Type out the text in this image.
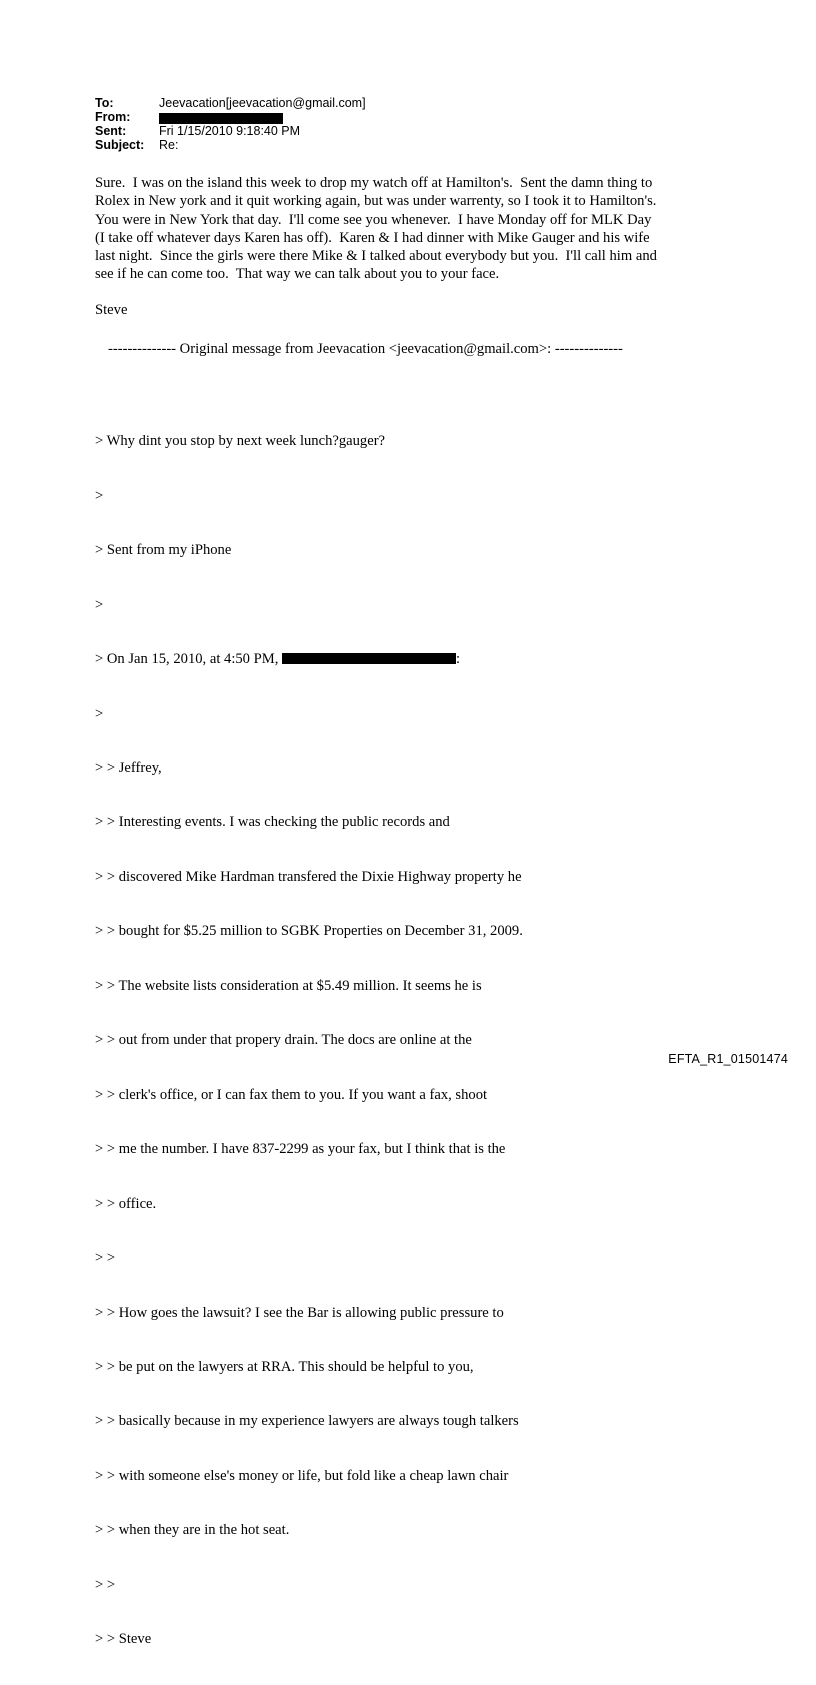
To:	Jeevacation[jeevacation@gmail.com]
From:
Sent:	Fri 1/15/2010 9:18:40 PM
Subject:	Re:
Sure.  I was on the island this week to drop my watch off at Hamilton's.  Sent the damn thing to
Rolex in New york and it quit working again, but was under warrenty, so I took it to Hamilton's.
You were in New York that day.  I'll come see you whenever.  I have Monday off for MLK Day
(I take off whatever days Karen has off).  Karen & I had dinner with Mike Gauger and his wife
last night.  Since the girls were there Mike & I talked about everybody but you.  I'll call him and
see if he can come too.  That way we can talk about you to your face.
Steve
-------------- Original message from Jeevacation <jeevacation@gmail.com>: --------------

> Why dint you stop by next week lunch?gauger?

>

> Sent from my iPhone

>

> On Jan 15, 2010, at 4:50 PM,	:

>

> > Jeffrey,

> > Interesting events. I was checking the public records and

> > discovered Mike Hardman transfered the Dixie Highway property he

> > bought for $5.25 million to SGBK Properties on December 31, 2009.

> > The website lists consideration at $5.49 million. It seems he is

> > out from under that propery drain. The docs are online at the

> > clerk's office, or I can fax them to you. If you want a fax, shoot

> > me the number. I have 837-2299 as your fax, but I think that is the

> > office.

> >

> > How goes the lawsuit? I see the Bar is allowing public pressure to

> > be put on the lawyers at RRA. This should be helpful to you,

> > basically because in my experience lawyers are always tough talkers

> > with someone else's money or life, but fold like a cheap lawn chair

> > when they are in the hot seat.

> >

> > Steve

EFTA_R1_01501474
